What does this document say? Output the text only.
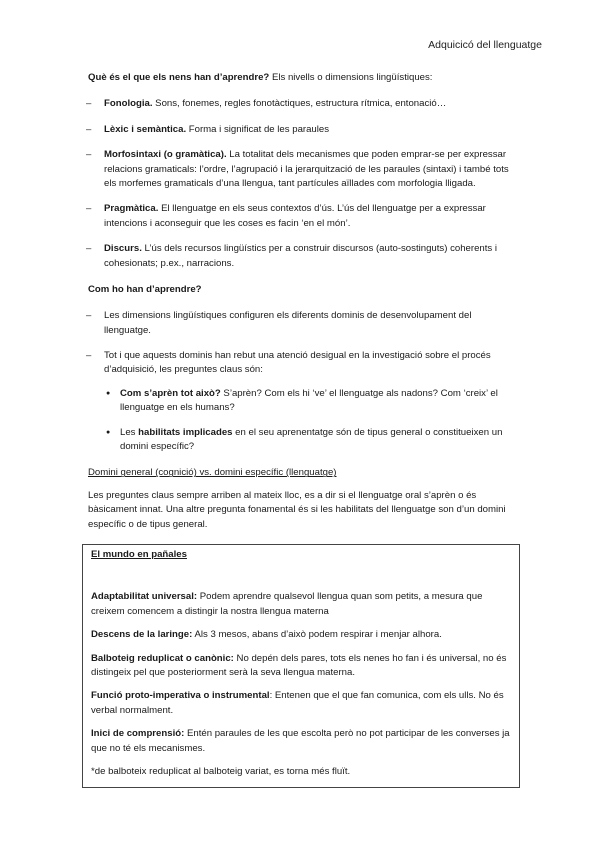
Adquicicó del llenguatge

Què és el que els nens han d’aprendre? Els nivells o dimensions lingüístiques:

– Fonologia. Sons, fonemes, regles fonotàctiques, estructura rítmica, entonació…
– Lèxic i semàntica. Forma i significat de les paraules
– Morfosintaxi (o gramàtica). La totalitat dels mecanismes que poden emprar-se per expressar relacions gramaticals: l’ordre, l’agrupació i la jerarquització de les paraules (sintaxi) i també tots els morfemes gramaticals d’una llengua, tant partícules aïllades com morfologia lligada.
– Pragmàtica. El llenguatge en els seus contextos d’ús. L’ús del llenguatge per a expressar intencions i aconseguir que les coses es facin ‘en el món’.
– Discurs. L’ús dels recursos lingüístics per a construir discursos (auto-sostinguts) coherents i cohesionats; p.ex., narracions.

Com ho han d’aprendre?

– Les dimensions lingüístiques configuren els diferents dominis de desenvolupament del llenguatge.
– Tot i que aquests dominis han rebut una atenció desigual en la investigació sobre el procés d’adquisició, les preguntes claus són:
● Com s’aprèn tot això? S’aprèn? Com els hi ‘ve’ el llenguatge als nadons? Com ‘creix’ el llenguatge en els humans?
● Les habilitats implicades en el seu aprenentatge són de tipus general o constitueixen un domini específic?

Domini general (cognició) vs. domini específic (llenguatge)

Les preguntes claus sempre arriben al mateix lloc, es a dir si el llenguatge oral s’aprèn o és bàsicament innat. Una altre pregunta fonamental és si les habilitats del llenguatge son d’un domini específic o de tipus general.

El mundo en pañales

Adaptabilitat universal: Podem aprendre qualsevol llengua quan som petits, a mesura que creixem comencem a distingir la nostra llengua materna

Descens de la laringe: Als 3 mesos, abans d’això podem respirar i menjar alhora.

Balboteig reduplicat o canònic: No depén dels pares, tots els nenes ho fan i és universal, no és distingeix pel que posteriorment serà la seva llengua materna.

Funció proto-imperativa o instrumental: Entenen que el que fan comunica, com els ulls. No és verbal normalment.

Inici de comprensió: Entén paraules de les que escolta però no pot participar de les converses ja que no té els mecanismes.

*de balboteix reduplicat al balboteig variat, es torna més fluït.
